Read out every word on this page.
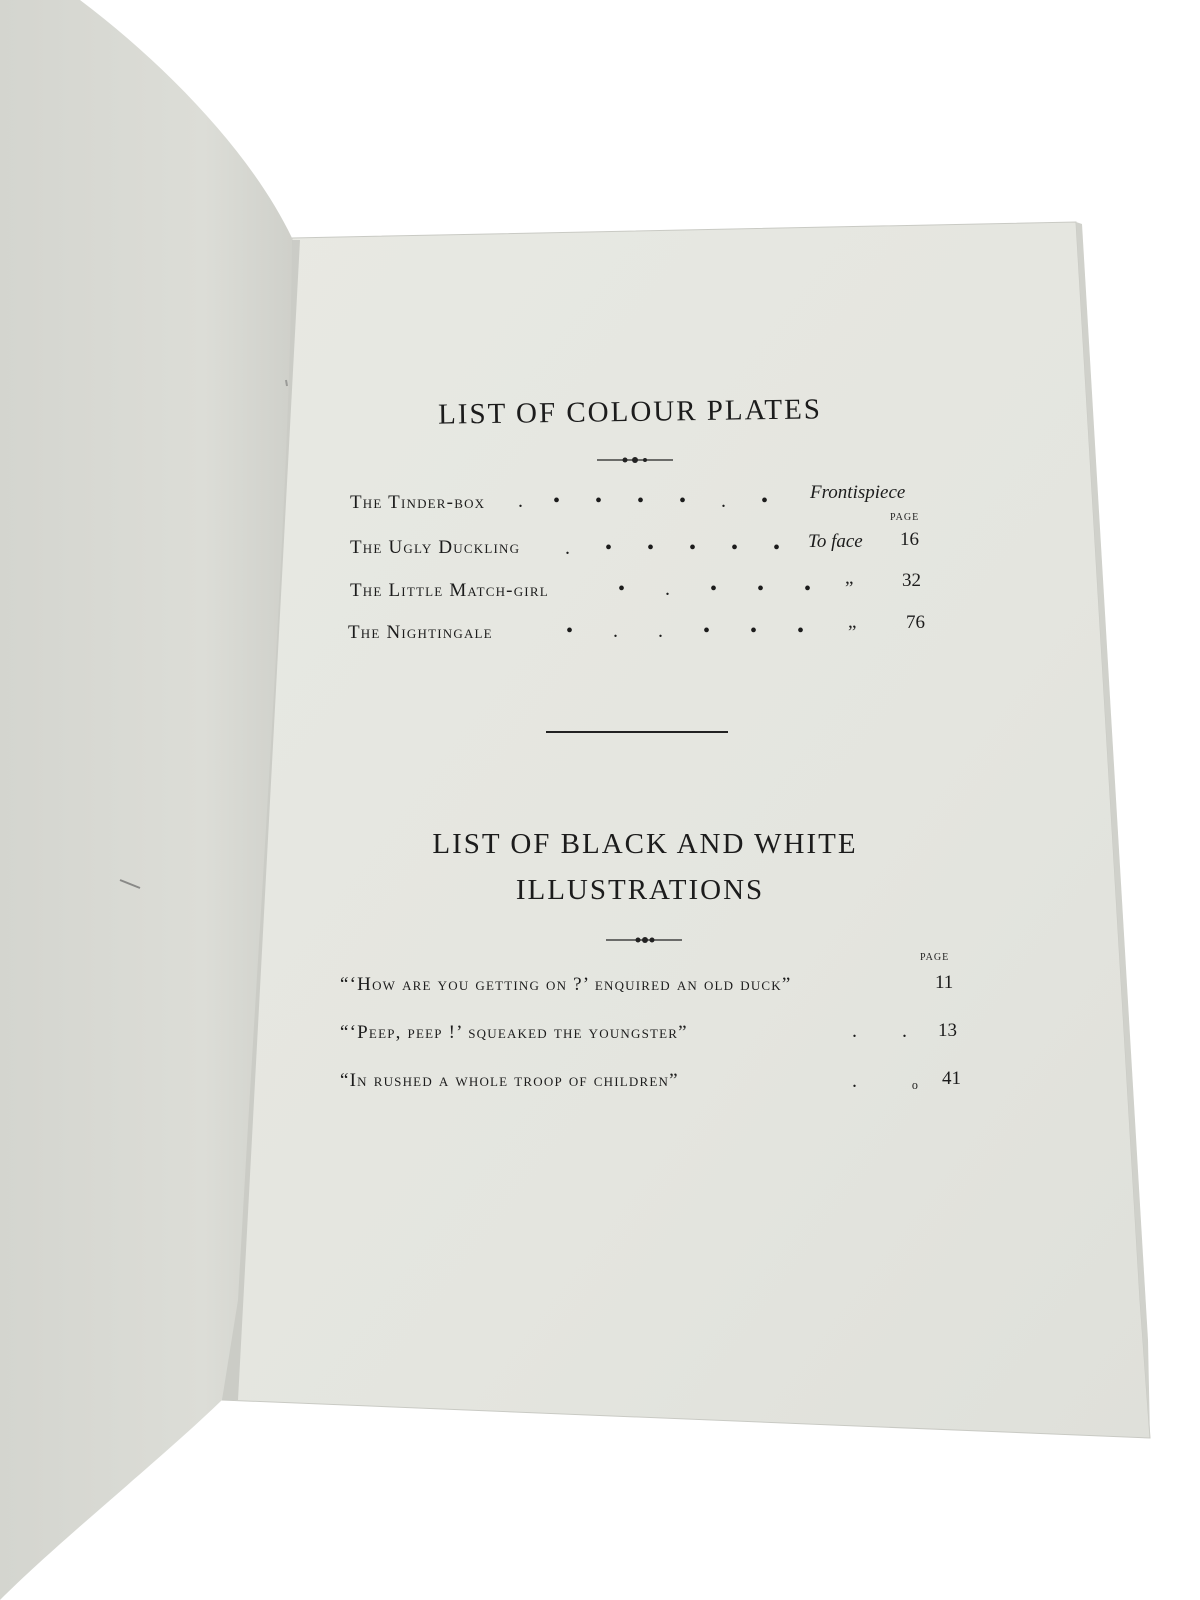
LIST OF COLOUR PLATES
PAGE
The Tinder-box .      •       •       •       •       .       • Frontispiece
The Ugly Duckling .       •       •       •       •       • To face 16
The Little Match-girl	•        .        •        •        • ”	32
The Nightingale	•        .        .        •        •        • ”	76
LIST OF BLACK AND WHITE
ILLUSTRATIONS
PAGE
“‘How are you getting on ?’ enquired an old duck”	11
“‘Peep, peep !’ squeaked the youngster”	.         . 13
“In rushed a whole troop of children”	.           ₒ 41
